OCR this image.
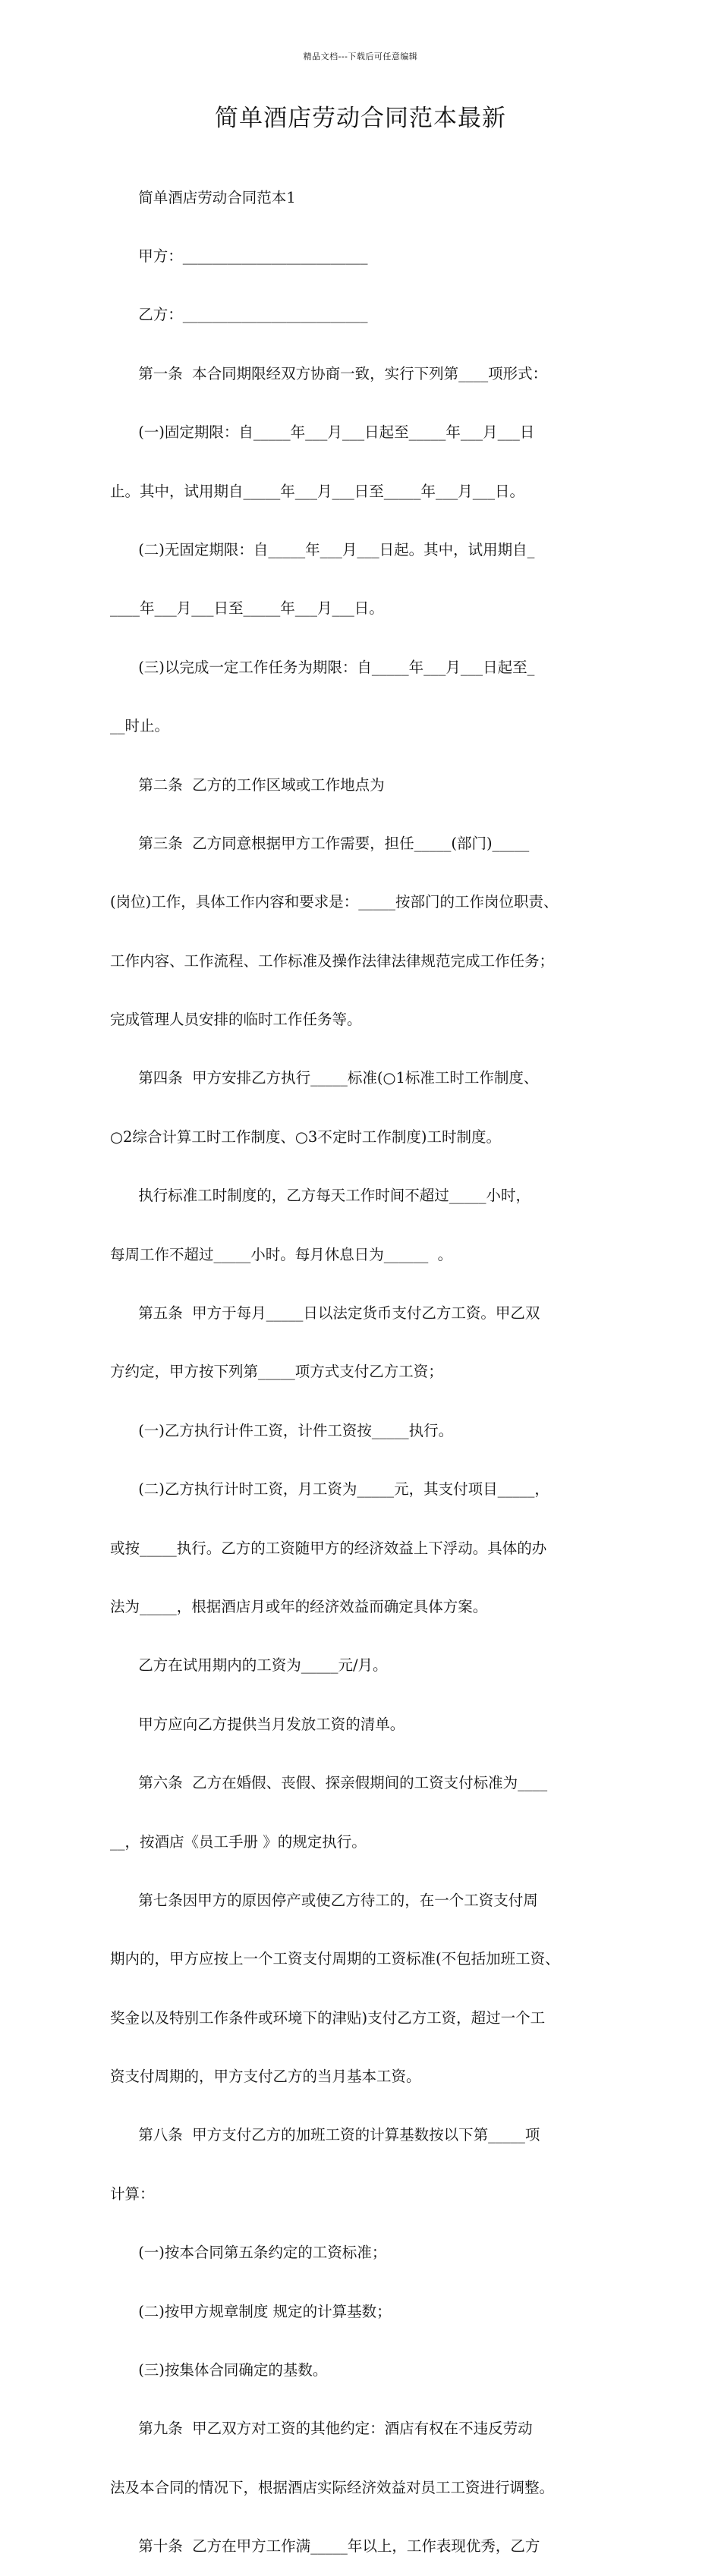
精品文档---下载后可任意编辑
简单酒店劳动合同范本最新

简单酒店劳动合同范本1

甲方：_________________________

乙方：_________________________

第一条  本合同期限经双方协商一致，实行下列第____项形式：

(一)固定期限：自_____年___月___日起至_____年___月___日

止。其中，试用期自_____年___月___日至_____年___月___日。

(二)无固定期限：自_____年___月___日起。其中，试用期自_

____年___月___日至_____年___月___日。

(三)以完成一定工作任务为期限：自_____年___月___日起至_

__时止。

第二条  乙方的工作区域或工作地点为

第三条  乙方同意根据甲方工作需要，担任_____(部门)_____

(岗位)工作，具体工作内容和要求是：_____按部门的工作岗位职责、

工作内容、工作流程、工作标准及操作法律法律规范完成工作任务；

完成管理人员安排的临时工作任务等。

第四条  甲方安排乙方执行_____标准(○1标准工时工作制度、

○2综合计算工时工作制度、○3不定时工作制度)工时制度。

执行标准工时制度的，乙方每天工作时间不超过_____小时，

每周工作不超过_____小时。每月休息日为______  。

第五条  甲方于每月_____日以法定货币支付乙方工资。甲乙双

方约定，甲方按下列第_____项方式支付乙方工资；

(一)乙方执行计件工资，计件工资按_____执行。

(二)乙方执行计时工资，月工资为_____元，其支付项目_____，

或按_____执行。乙方的工资随甲方的经济效益上下浮动。具体的办

法为_____，根据酒店月或年的经济效益而确定具体方案。

乙方在试用期内的工资为_____元/月。

甲方应向乙方提供当月发放工资的清单。

第六条  乙方在婚假、丧假、探亲假期间的工资支付标准为____

__，按酒店《员工手册 》的规定执行。

第七条因甲方的原因停产或使乙方待工的，在一个工资支付周

期内的，甲方应按上一个工资支付周期的工资标准(不包括加班工资、

奖金以及特别工作条件或环境下的津贴)支付乙方工资，超过一个工

资支付周期的，甲方支付乙方的当月基本工资。

第八条  甲方支付乙方的加班工资的计算基数按以下第_____项

计算：

(一)按本合同第五条约定的工资标准；

(二)按甲方规章制度 规定的计算基数；

(三)按集体合同确定的基数。

第九条  甲乙双方对工资的其他约定：酒店有权在不违反劳动

法及本合同的情况下，根据酒店实际经济效益对员工工资进行调整。

第十条  乙方在甲方工作满_____年以上，工作表现优秀，乙方
